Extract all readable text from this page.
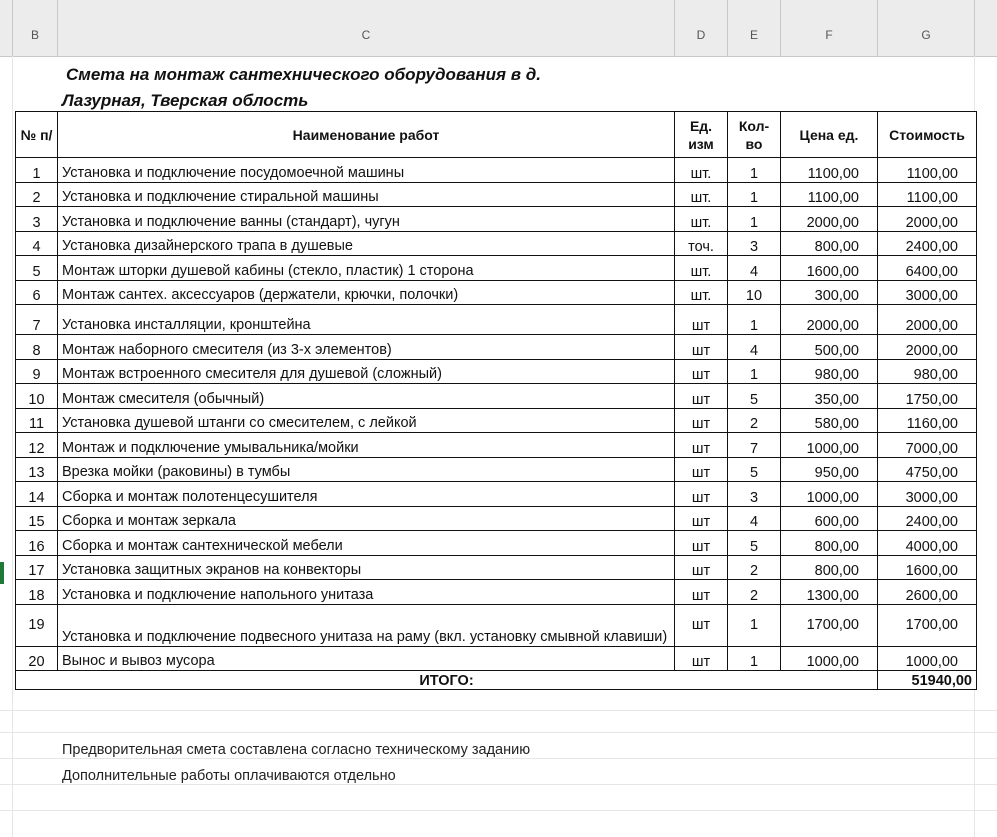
B	C	D	E	F	G
Смета на монтаж сантехнического оборудования в д.

Лазурная, Тверская облость
№ п/	Наименование работ	Ед. изм	Кол-во	Цена ед.	Стоимость
1	Установка и подключение посудомоечной машины	шт.	1	1100,00	1100,00
2	Установка и подключение стиральной машины	шт.	1	1100,00	1100,00
3	Установка и подключение ванны (стандарт), чугун	шт.	1	2000,00	2000,00
4	Установка дизайнерского трапа в душевые	точ.	3	800,00	2400,00
5	Монтаж шторки душевой кабины (стекло, пластик) 1 сторона	шт.	4	1600,00	6400,00
6	Монтаж сантех. аксессуаров (держатели, крючки, полочки)	шт.	10	300,00	3000,00
7	Установка инсталляции, кронштейна	шт	1	2000,00	2000,00
8	Монтаж наборного смесителя (из 3-х элементов)	шт	4	500,00	2000,00
9	Монтаж встроенного смесителя для душевой (сложный)	шт	1	980,00	980,00
10	Монтаж смесителя (обычный)	шт	5	350,00	1750,00
11	Установка душевой штанги со смесителем, с лейкой	шт	2	580,00	1160,00
12	Монтаж и подключение умывальника/мойки	шт	7	1000,00	7000,00
13	Врезка мойки (раковины) в тумбы	шт	5	950,00	4750,00
14	Сборка и монтаж полотенцесушителя	шт	3	1000,00	3000,00
15	Сборка и монтаж зеркала	шт	4	600,00	2400,00
16	Сборка и монтаж сантехнической мебели	шт	5	800,00	4000,00
17	Установка защитных экранов на конвекторы	шт	2	800,00	1600,00
18	Установка и подключение напольного унитаза	шт	2	1300,00	2600,00
19	Установка и подключение подвесного унитаза на раму (вкл. установку смывной клавиши)	шт	1	1700,00	1700,00
20	Вынос и вывоз мусора	шт	1	1000,00	1000,00
ИТОГО:					51940,00
Предворительная смета составлена согласно техническому заданию
Дополнительные работы оплачиваются отдельно
